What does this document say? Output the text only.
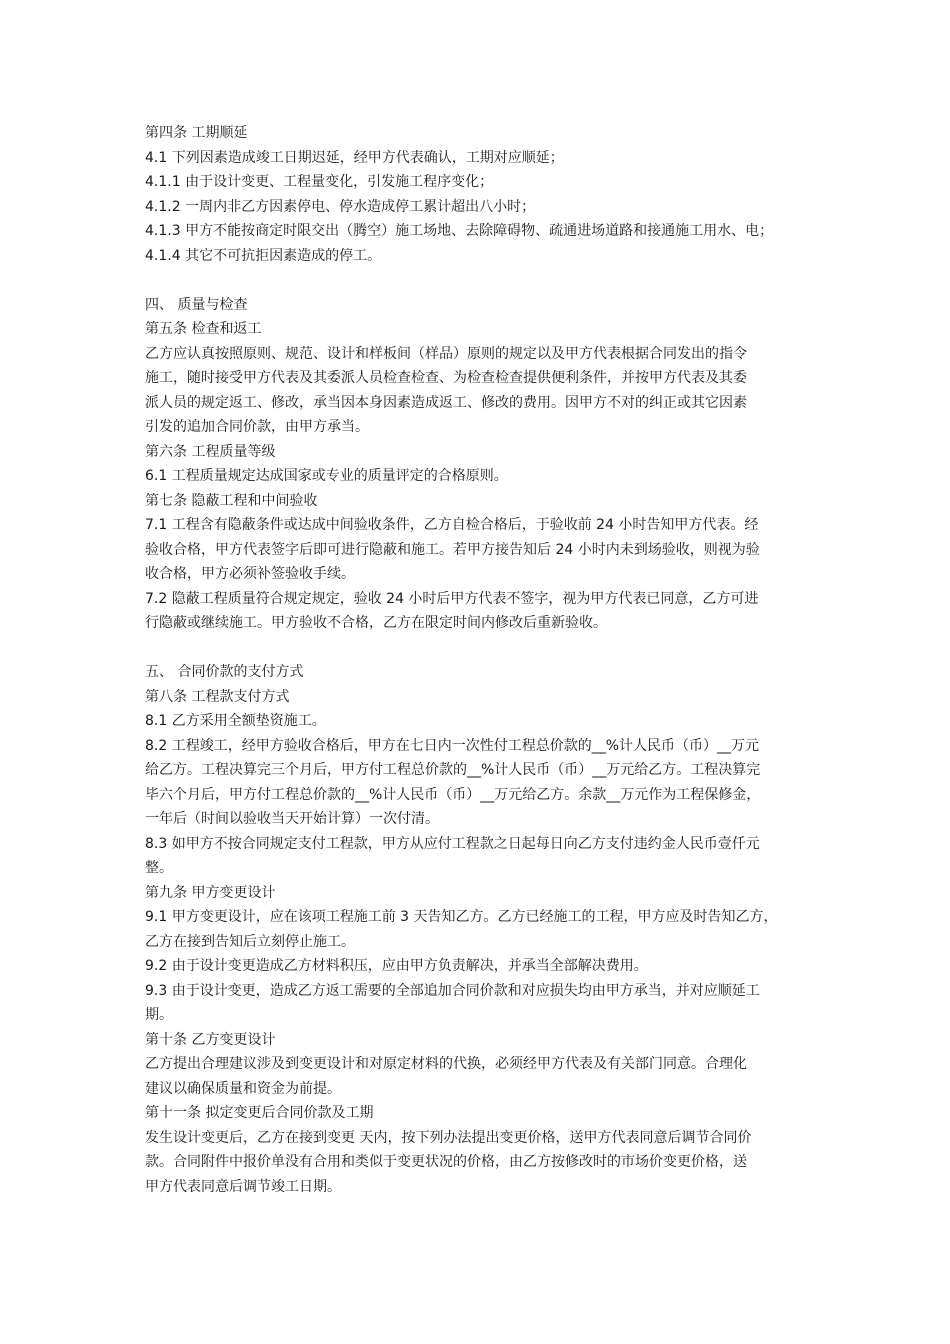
第四条 工期顺延
4.1 下列因素造成竣工日期迟延，经甲方代表确认，工期对应顺延；
4.1.1 由于设计变更、工程量变化，引发施工程序变化；
4.1.2 一周内非乙方因素停电、停水造成停工累计超出八小时；
4.1.3 甲方不能按商定时限交出（腾空）施工场地、去除障碍物、疏通进场道路和接通施工用水、电；
4.1.4 其它不可抗拒因素造成的停工。
四、 质量与检查
第五条 检查和返工
乙方应认真按照原则、规范、设计和样板间（样品）原则的规定以及甲方代表根据合同发出的指令
施工，随时接受甲方代表及其委派人员检查检查、为检查检查提供便利条件，并按甲方代表及其委
派人员的规定返工、修改，承当因本身因素造成返工、修改的费用。因甲方不对的纠正或其它因素
引发的追加合同价款，由甲方承当。
第六条 工程质量等级
6.1 工程质量规定达成国家或专业的质量评定的合格原则。
第七条 隐蔽工程和中间验收
7.1 工程含有隐蔽条件或达成中间验收条件，乙方自检合格后，于验收前 24 小时告知甲方代表。经
验收合格，甲方代表签字后即可进行隐蔽和施工。若甲方接告知后 24 小时内未到场验收，则视为验
收合格，甲方必须补签验收手续。
7.2 隐蔽工程质量符合规定规定，验收 24 小时后甲方代表不签字，视为甲方代表已同意，乙方可进
行隐蔽或继续施工。甲方验收不合格，乙方在限定时间内修改后重新验收。
五、 合同价款的支付方式
第八条 工程款支付方式
8.1 乙方采用全额垫资施工。
8.2 工程竣工，经甲方验收合格后，甲方在七日内一次性付工程总价款的__%计人民币（币）__万元
给乙方。工程决算完三个月后，甲方付工程总价款的__%计人民币（币）__万元给乙方。工程决算完
毕六个月后，甲方付工程总价款的__%计人民币（币）__万元给乙方。余款__万元作为工程保修金，
一年后（时间以验收当天开始计算）一次付清。
8.3 如甲方不按合同规定支付工程款，甲方从应付工程款之日起每日向乙方支付违约金人民币壹仟元
整。
第九条 甲方变更设计
9.1 甲方变更设计，应在该项工程施工前 3 天告知乙方。乙方已经施工的工程，甲方应及时告知乙方，
乙方在接到告知后立刻停止施工。
9.2 由于设计变更造成乙方材料积压，应由甲方负责解决，并承当全部解决费用。
9.3 由于设计变更，造成乙方返工需要的全部追加合同价款和对应损失均由甲方承当，并对应顺延工
期。
第十条 乙方变更设计
乙方提出合理建议涉及到变更设计和对原定材料的代换，必须经甲方代表及有关部门同意。合理化
建议以确保质量和资金为前提。
第十一条 拟定变更后合同价款及工期
发生设计变更后，乙方在接到变更 天内，按下列办法提出变更价格，送甲方代表同意后调节合同价
款。合同附件中报价单没有合用和类似于变更状况的价格，由乙方按修改时的市场价变更价格，送
甲方代表同意后调节竣工日期。
